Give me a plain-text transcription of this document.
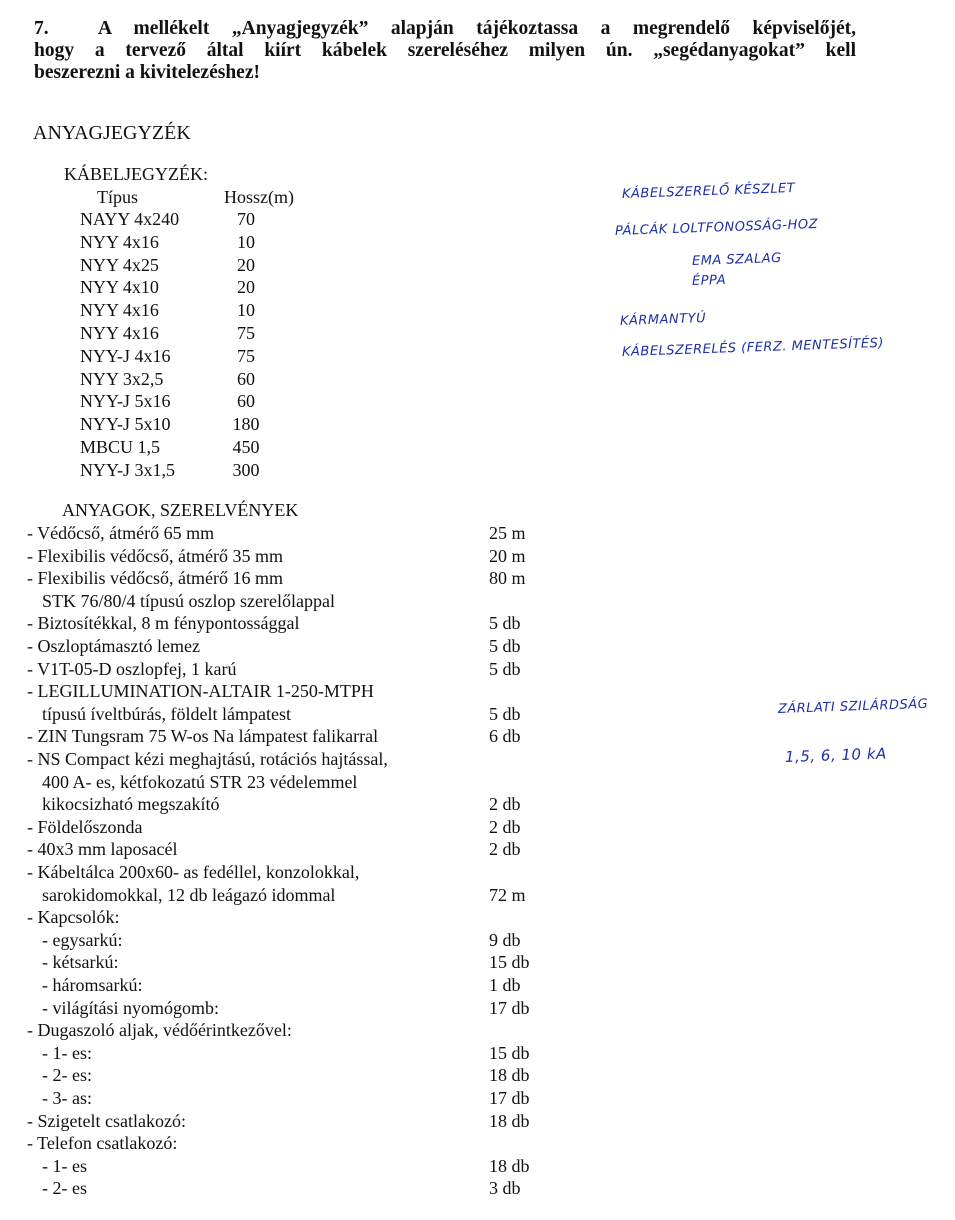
7.	A mellékelt „Anyagjegyzék” alapján tájékoztassa a megrendelő képviselőjét,
hogy a tervező által kiírt kábelek szereléséhez milyen ún. „segédanyagokat” kell
beszerezni a kivitelezéshez!
ANYAGJEGYZÉK
KÁBELJEGYZÉK:
Típus	Hossz(m)
NAYY 4x240	70
NYY 4x16	10
NYY 4x25	20
NYY 4x10	20
NYY 4x16	10
NYY 4x16	75
NYY-J 4x16	75
NYY 3x2,5	60
NYY-J 5x16	60
NYY-J 5x10	180
MBCU 1,5	450
NYY-J 3x1,5	300
ANYAGOK, SZERELVÉNYEK
- Védőcső, átmérő 65 mm	25 m
- Flexibilis védőcső, átmérő 35 mm	20 m
- Flexibilis védőcső, átmérő 16 mm	80 m
STK 76/80/4 típusú oszlop szerelőlappal
- Biztosítékkal, 8 m fénypontossággal	5 db
- Oszloptámasztó lemez	5 db
- V1T-05-D oszlopfej, 1 karú	5 db
- LEGILLUMINATION-ALTAIR 1-250-MTPH
típusú íveltbúrás, földelt lámpatest	5 db
- ZIN Tungsram 75 W-os Na lámpatest falikarral	6 db
- NS Compact kézi meghajtású, rotációs hajtással,
400 A- es, kétfokozatú STR 23 védelemmel
kikocsizható megszakító	2 db
- Földelőszonda	2 db
- 40x3 mm laposacél	2 db
- Kábeltálca 200x60- as fedéllel, konzolokkal,
sarokidomokkal, 12 db leágazó idommal	72 m
- Kapcsolók:
- egysarkú:	9 db
- kétsarkú:	15 db
- háromsarkú:	1 db
- világítási nyomógomb:	17 db
- Dugaszoló aljak, védőérintkezővel:
- 1- es:	15 db
- 2- es:	18 db
- 3- as:	17 db
- Szigetelt csatlakozó:	18 db
- Telefon csatlakozó:
- 1- es	18 db
- 2- es	3 db
KÁBELSZERELŐ KÉSZLET
PÁLCÁK LOLTFONOSSÁG-HOZ
EMA SZALAG
ÉPPA
KÁRMANTYÚ
KÁBELSZERELÉS (FERZ. MENTESÍTÉS)
ZÁRLATI SZILÁRDSÁG
1,5, 6, 10 kA
